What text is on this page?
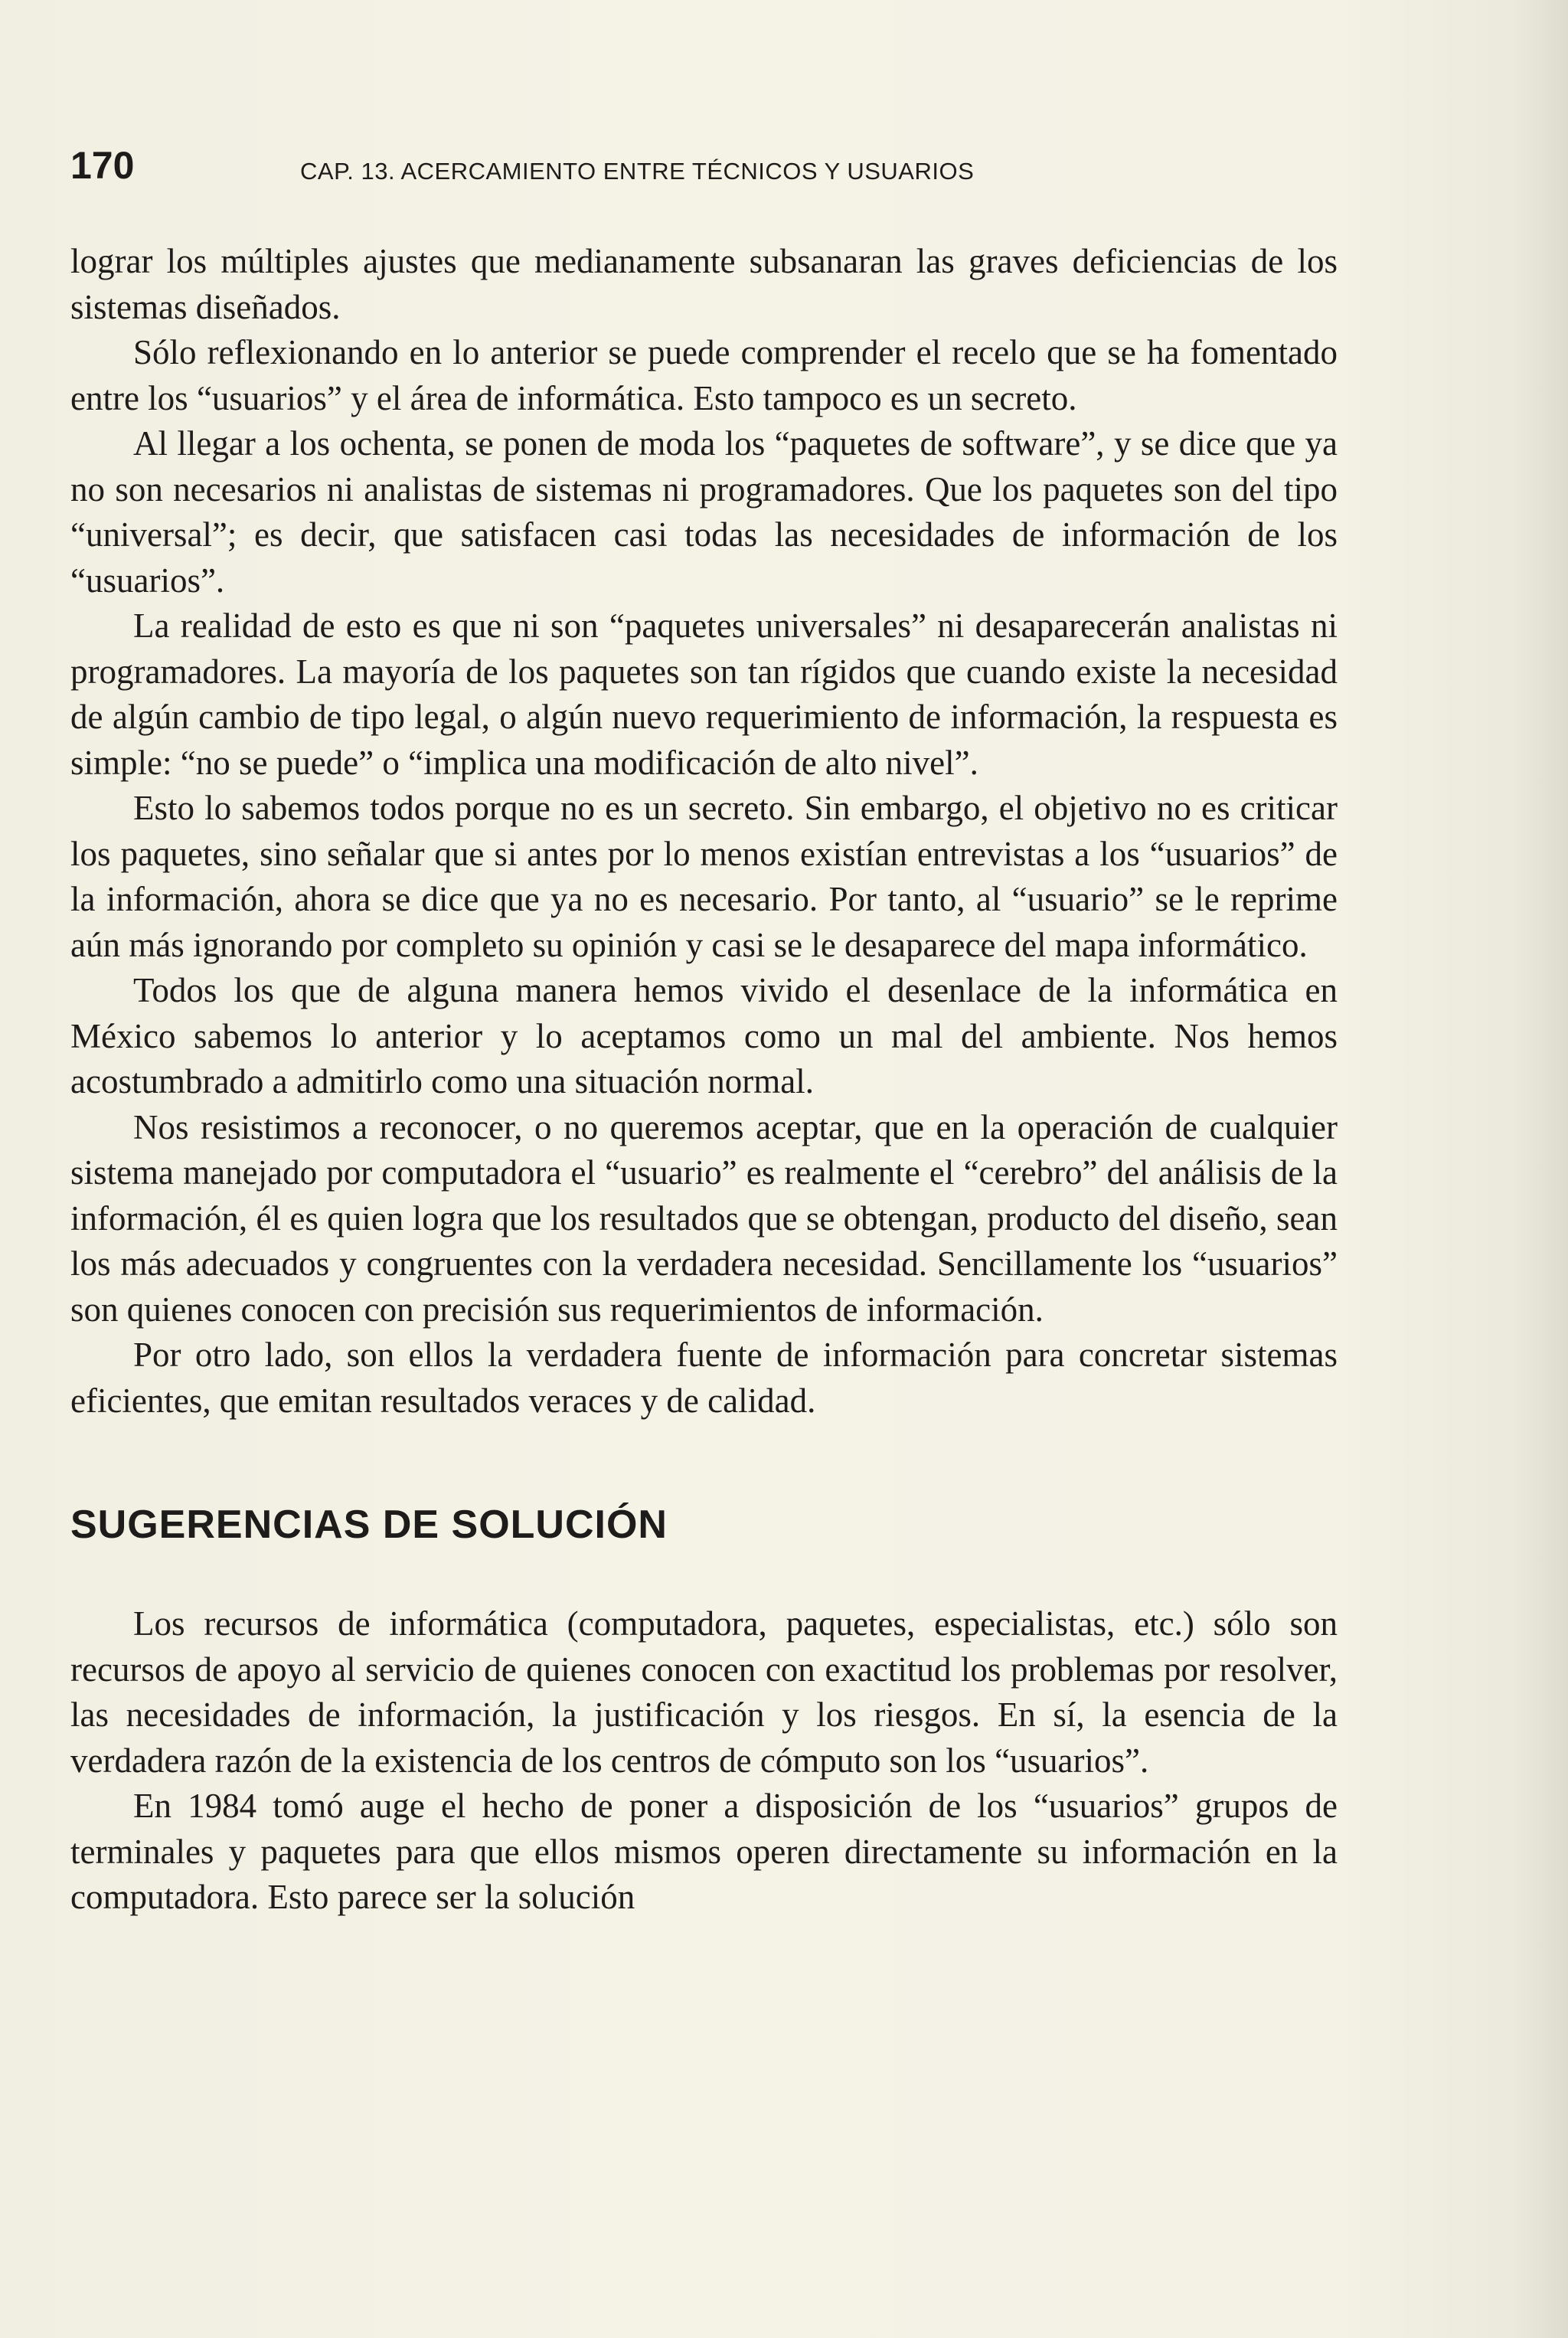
170	CAP. 13. ACERCAMIENTO ENTRE TÉCNICOS Y USUARIOS

lograr los múltiples ajustes que medianamente subsanaran las graves deficiencias de los sistemas diseñados.

Sólo reflexionando en lo anterior se puede comprender el recelo que se ha fomentado entre los “usuarios” y el área de informática. Esto tampoco es un secreto.

Al llegar a los ochenta, se ponen de moda los “paquetes de software”, y se dice que ya no son necesarios ni analistas de sistemas ni programadores. Que los paquetes son del tipo “universal”; es decir, que satisfacen casi todas las necesidades de información de los “usuarios”.

La realidad de esto es que ni son “paquetes universales” ni desaparecerán analistas ni programadores. La mayoría de los paquetes son tan rígidos que cuando existe la necesidad de algún cambio de tipo legal, o algún nuevo requerimiento de información, la respuesta es simple: “no se puede” o “implica una modificación de alto nivel”.

Esto lo sabemos todos porque no es un secreto. Sin embargo, el objetivo no es criticar los paquetes, sino señalar que si antes por lo menos existían entrevistas a los “usuarios” de la información, ahora se dice que ya no es necesario. Por tanto, al “usuario” se le reprime aún más ignorando por completo su opinión y casi se le desaparece del mapa informático.

Todos los que de alguna manera hemos vivido el desenlace de la informática en México sabemos lo anterior y lo aceptamos como un mal del ambiente. Nos hemos acostumbrado a admitirlo como una situación normal.

Nos resistimos a reconocer, o no queremos aceptar, que en la operación de cualquier sistema manejado por computadora el “usuario” es realmente el “cerebro” del análisis de la información, él es quien logra que los resultados que se obtengan, producto del diseño, sean los más adecuados y congruentes con la verdadera necesidad. Sencillamente los “usuarios” son quienes conocen con precisión sus requerimientos de información.

Por otro lado, son ellos la verdadera fuente de información para concretar sistemas eficientes, que emitan resultados veraces y de calidad.

SUGERENCIAS DE SOLUCIÓN

Los recursos de informática (computadora, paquetes, especialistas, etc.) sólo son recursos de apoyo al servicio de quienes conocen con exactitud los problemas por resolver, las necesidades de información, la justificación y los riesgos. En sí, la esencia de la verdadera razón de la existencia de los centros de cómputo son los “usuarios”.

En 1984 tomó auge el hecho de poner a disposición de los “usuarios” grupos de terminales y paquetes para que ellos mismos operen directamente su información en la computadora. Esto parece ser la solución
